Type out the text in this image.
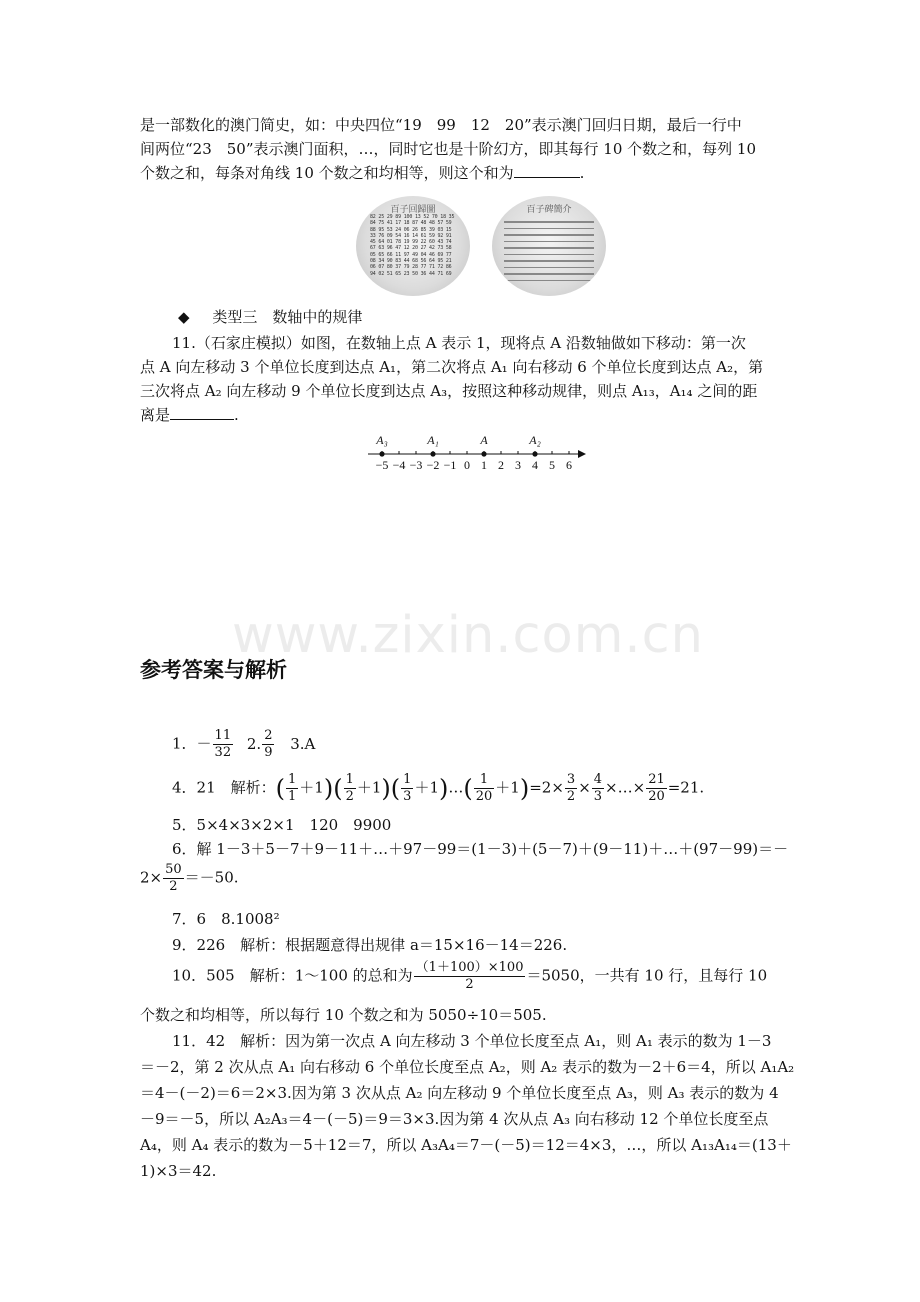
是一部数化的澳门简史，如：中央四位“19　99　12　20”表示澳门回归日期，最后一行中
间两位“23　50”表示澳门面积，…，同时它也是十阶幻方，即其每行 10 个数之和，每列 10
个数之和，每条对角线 10 个数之和均相等，则这个和为	.
百子回歸圖
82 25 29 89 100 13 52 70 18 35
84 75 41 17 18 87 48 48 57 59
88 95 53 24 06 26 85 39 03 15
33 76 09 54 16 14 61 59 92 91
45 64 01 78 19 99 22 60 43 74
67 63 96 47 12 20 27 42 73 58
05 65 66 11 97 49 04 46 69 77
08 34 90 83 44 68 56 64 95 21
06 07 80 37 79 28 77 71 72 86
94 02 51 65 23 50 36 44 71 69
百子碑簡介
◆ 类型三　数轴中的规律
11.（石家庄模拟）如图，在数轴上点 A 表示 1，现将点 A 沿数轴做如下移动：第一次
点 A 向左移动 3 个单位长度到达点 A₁，第二次将点 A₁ 向右移动 6 个单位长度到达点 A₂，第
三次将点 A₂ 向左移动 9 个单位长度到达点 A₃，按照这种移动规律，则点 A₁₃，A₁₄ 之间的距
离是	.
−5 −4 −3 −2 −1 0 1 2 3 4 5 6
A₃	A₁	A	A₂
www.zixin.com.cn
参考答案与解析
1．－ $\frac{11}{32} 2$. $\frac{2}{9} 3.A$
4．21　解析：( $\frac{1}{1} +1)( \frac{1}{2} +1)( \frac{1}{3}$ ＋1)…( $\frac{1}{20} +1)=2\times \frac{3}{2} \times \frac{4}{3}$ ×…× $\frac{21}{20} =21$.
5．5×4×3×2×1　120　9900
6．解 1－3＋5－7＋9－11＋…＋97－99＝(1－3)＋(5－7)＋(9－11)＋…＋(97－99)＝－
$2\times \frac{50}{2} =-50$.
7．6　8.1008²
9．226　解析：根据题意得出规律 a＝15×16－14＝226.
10．505　解析：1～100 的总和为 $\frac{(1+100)\times 100}{2} =5050$，一共有 10 行，且每行 10
个数之和均相等，所以每行 10 个数之和为 5050÷10＝505.
11．42　解析：因为第一次点 A 向左移动 3 个单位长度至点 A₁，则 A₁ 表示的数为 1－3
＝－2，第 2 次从点 A₁ 向右移动 6 个单位长度至点 A₂，则 A₂ 表示的数为－2＋6＝4，所以 A₁A₂
＝4－(－2)＝6＝2×3.因为第 3 次从点 A₂ 向左移动 9 个单位长度至点 A₃，则 A₃ 表示的数为 4
－9＝－5，所以 A₂A₃＝4－(－5)＝9＝3×3.因为第 4 次从点 A₃ 向右移动 12 个单位长度至点
A₄，则 A₄ 表示的数为－5＋12＝7，所以 A₃A₄＝7－(－5)＝12＝4×3，…，所以 A₁₃A₁₄＝(13＋
1)×3＝42.
